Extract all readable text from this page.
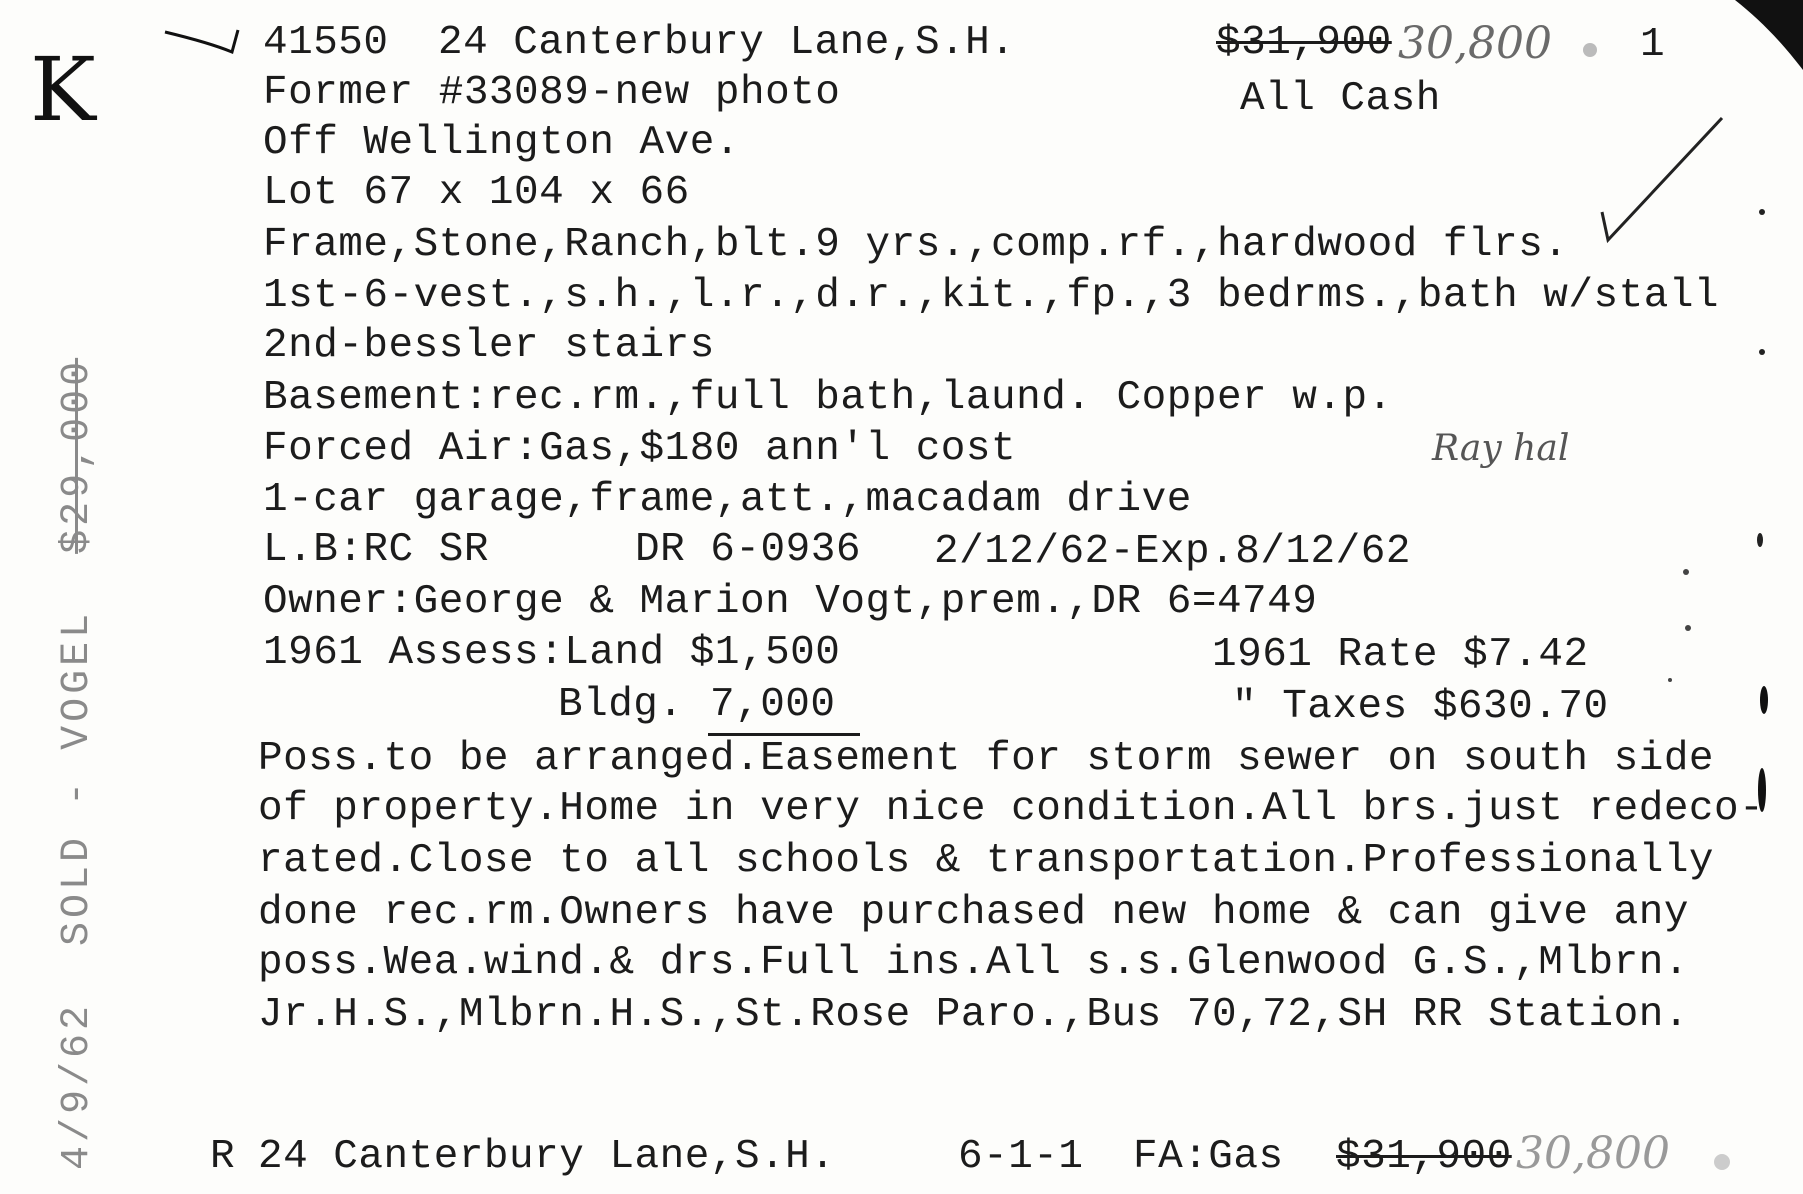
K	41550 24 Canterbury Lane,S.H.	$31,900 30,800 1
Former #33089-new photo	All Cash
Off Wellington Ave.
Lot 67 x 104 x 66
Frame,Stone,Ranch,blt.9 yrs.,comp.rf.,hardwood flrs.
1st-6-vest.,s.h.,l.r.,d.r.,kit.,fp.,3 bedrms.,bath w/stall
2nd-bessler stairs
Basement:rec.rm.,full bath,laund. Copper w.p.
Forced Air:Gas,$180 ann'l cost	Ray hal
1-car garage,frame,att.,macadam drive
L.B:RC SR	DR 6-0936 2/12/62-Exp.8/12/62
Owner:George & Marion Vogt,prem.,DR 6=4749
1961 Assess:Land $1,500	1961 Rate $7.42
Bldg. 7,000	" Taxes $630.70
Poss.to be arranged.Easement for storm sewer on south side
of property.Home in very nice condition.All brs.just redeco-
rated.Close to all schools & transportation.Professionally
done rec.rm.Owners have purchased new home & can give any
poss.Wea.wind.& drs.Full ins.All s.s.Glenwood G.S.,Mlbrn.
Jr.H.S.,Mlbrn.H.S.,St.Rose Paro.,Bus 70,72,SH RR Station.
R 24 Canterbury Lane,S.H.	6-1-1 FA:Gas $31,900 30,800
4/9/62  SOLD - VOGEL  $29,000
